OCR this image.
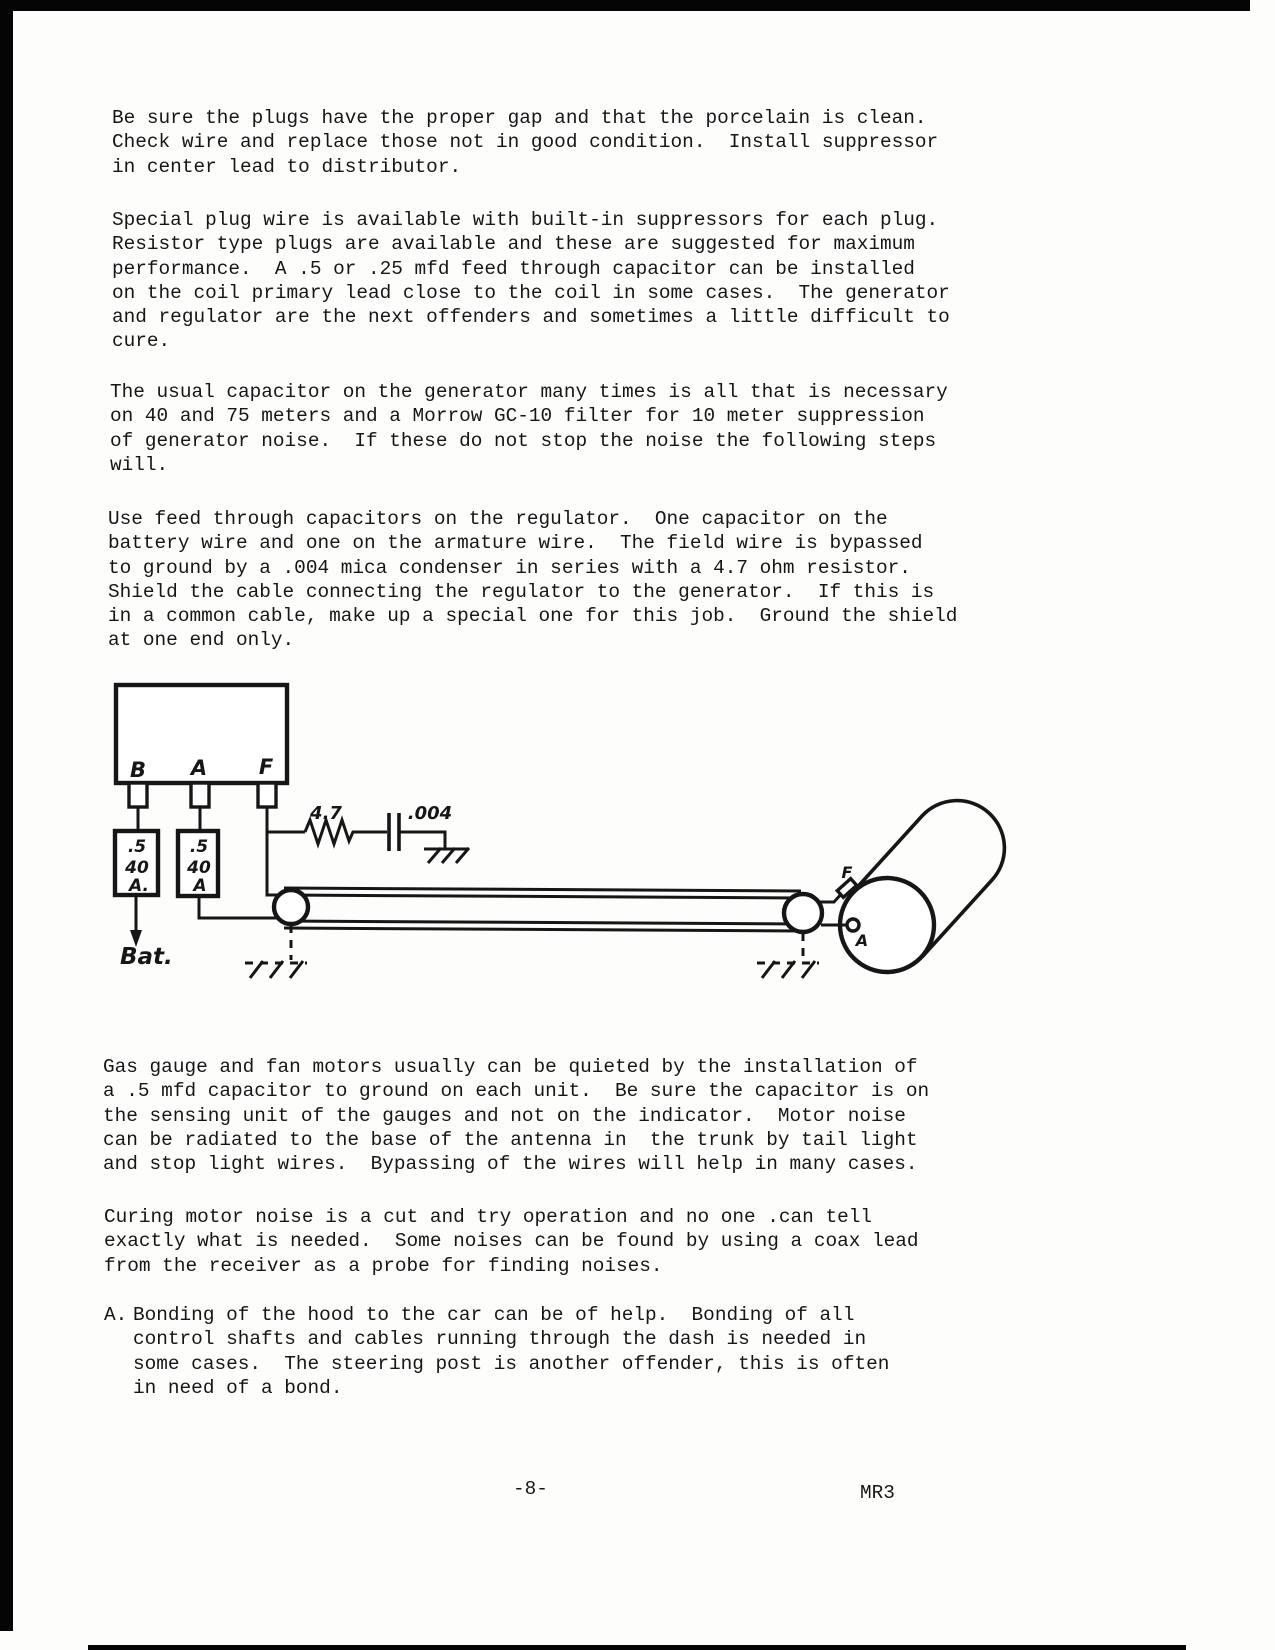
B A F
4.7	.004
.5
40
A.
.5
40
A
Bat.
F
A
Be sure the plugs have the proper gap and that the porcelain is clean.
Check wire and replace those not in good condition.  Install suppressor
in center lead to distributor.
Special plug wire is available with built-in suppressors for each plug.
Resistor type plugs are available and these are suggested for maximum
performance.  A .5 or .25 mfd feed through capacitor can be installed
on the coil primary lead close to the coil in some cases.  The generator
and regulator are the next offenders and sometimes a little difficult to
cure.
The usual capacitor on the generator many times is all that is necessary
on 40 and 75 meters and a Morrow GC-10 filter for 10 meter suppression
of generator noise.  If these do not stop the noise the following steps
will.
Use feed through capacitors on the regulator.  One capacitor on the
battery wire and one on the armature wire.  The field wire is bypassed
to ground by a .004 mica condenser in series with a 4.7 ohm resistor.
Shield the cable connecting the regulator to the generator.  If this is
in a common cable, make up a special one for this job.  Ground the shield
at one end only.
Gas gauge and fan motors usually can be quieted by the installation of
a .5 mfd capacitor to ground on each unit.  Be sure the capacitor is on
the sensing unit of the gauges and not on the indicator.  Motor noise
can be radiated to the base of the antenna in  the trunk by tail light
and stop light wires.  Bypassing of the wires will help in many cases.
Curing motor noise is a cut and try operation and no one .can tell
exactly what is needed.  Some noises can be found by using a coax lead
from the receiver as a probe for finding noises.
A. Bonding of the hood to the car can be of help.  Bonding of all
control shafts and cables running through the dash is needed in
some cases.  The steering post is another offender, this is often
in need of a bond.
-8-	MR3
